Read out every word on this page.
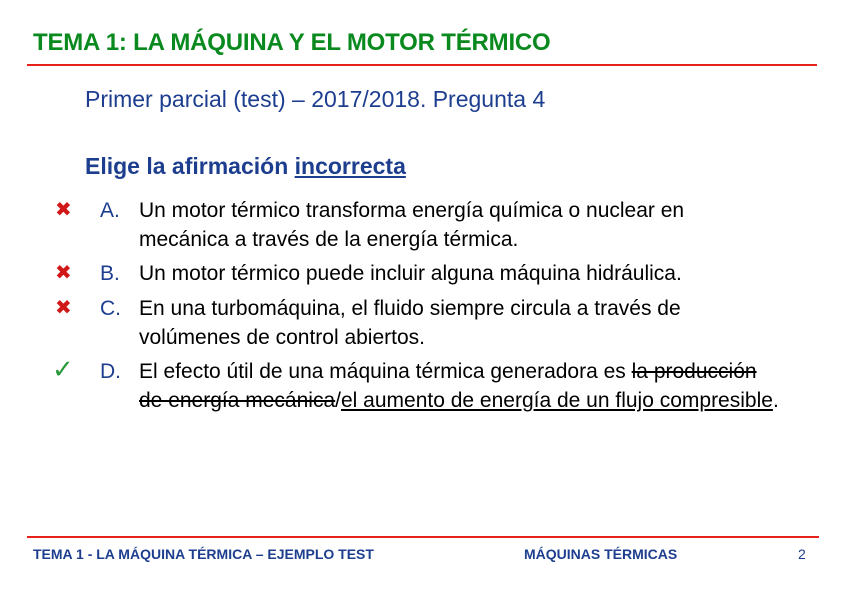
TEMA 1: LA MÁQUINA Y EL MOTOR TÉRMICO
Primer parcial (test) – 2017/2018. Pregunta 4
Elige la afirmación incorrecta
✖ A. Un motor térmico transforma energía química o nuclear en mecánica a través de la energía térmica.
✖ B. Un motor térmico puede incluir alguna máquina hidráulica.
✖ C. En una turbomáquina, el fluido siempre circula a través de volúmenes de control abiertos.
✓ D. El efecto útil de una máquina térmica generadora es la producción de energía mecánica/el aumento de energía de un flujo compresible.
TEMA 1 - LA MÁQUINA TÉRMICA – EJEMPLO TEST	MÁQUINAS TÉRMICAS	2
